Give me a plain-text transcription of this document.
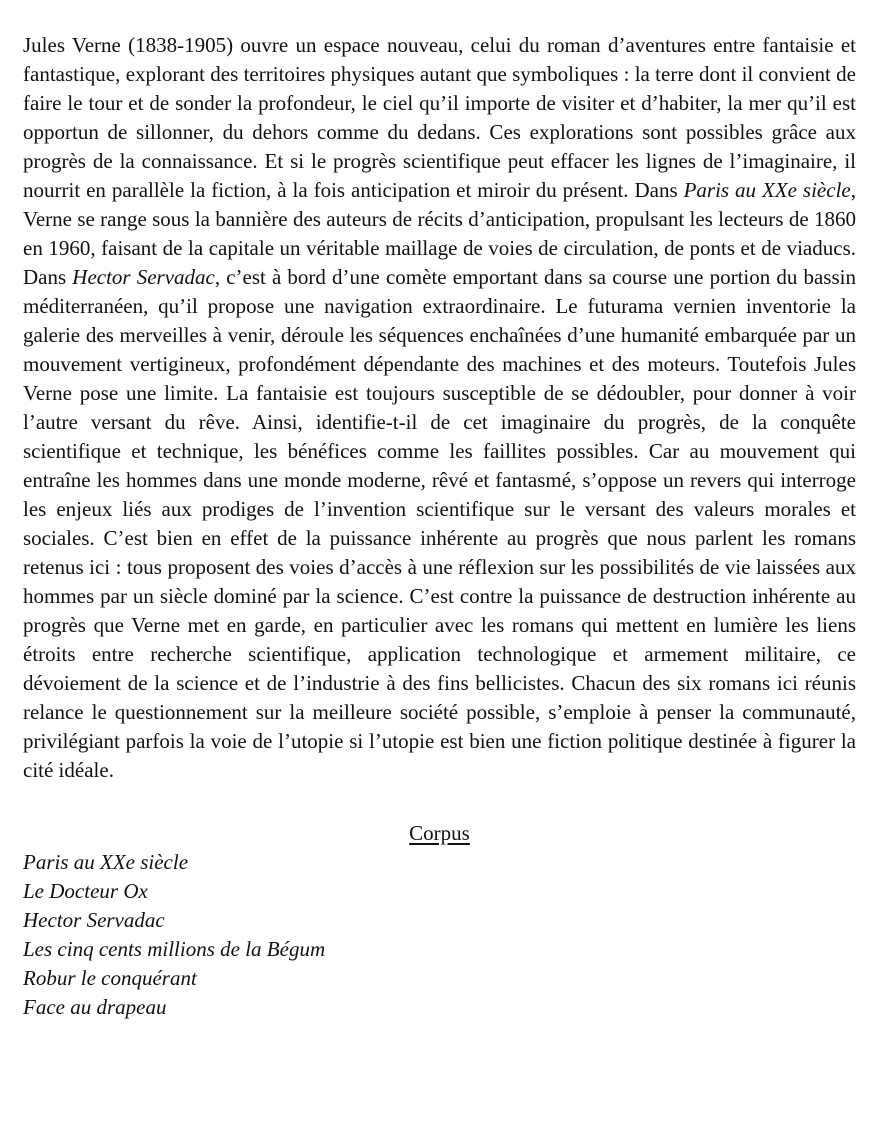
Jules Verne (1838-1905) ouvre un espace nouveau, celui du roman d’aventures entre fantaisie et fantastique, explorant des territoires physiques autant que symboliques : la terre dont il convient de faire le tour et de sonder la profondeur, le ciel qu’il importe de visiter et d’habiter, la mer qu’il est opportun de sillonner, du dehors comme du dedans. Ces explorations sont possibles grâce aux progrès de la connaissance. Et si le progrès scientifique peut effacer les lignes de l’imaginaire, il nourrit en parallèle la fiction, à la fois anticipation et miroir du présent. Dans Paris au XXe siècle, Verne se range sous la bannière des auteurs de récits d’anticipation, propulsant les lecteurs de 1860 en 1960, faisant de la capitale un véritable maillage de voies de circulation, de ponts et de viaducs. Dans Hector Servadac, c’est à bord d’une comète emportant dans sa course une portion du bassin méditerranéen, qu’il propose une navigation extraordinaire. Le futurama vernien inventorie la galerie des merveilles à venir, déroule les séquences enchaînées d’une humanité embarquée par un mouvement vertigineux, profondément dépendante des machines et des moteurs. Toutefois Jules Verne pose une limite. La fantaisie est toujours susceptible de se dédoubler, pour donner à voir l’autre versant du rêve. Ainsi, identifie-t-il de cet imaginaire du progrès, de la conquête scientifique et technique, les bénéfices comme les faillites possibles. Car au mouvement qui entraîne les hommes dans une monde moderne, rêvé et fantasmé, s’oppose un revers qui interroge les enjeux liés aux prodiges de l’invention scientifique sur le versant des valeurs morales et sociales. C’est bien en effet de la puissance inhérente au progrès que nous parlent les romans retenus ici : tous proposent des voies d’accès à une réflexion sur les possibilités de vie laissées aux hommes par un siècle dominé par la science. C’est contre la puissance de destruction inhérente au progrès que Verne met en garde, en particulier avec les romans qui mettent en lumière les liens étroits entre recherche scientifique, application technologique et armement militaire, ce dévoiement de la science et de l’industrie à des fins bellicistes. Chacun des six romans ici réunis relance le questionnement sur la meilleure société possible, s’emploie à penser la communauté, privilégiant parfois la voie de l’utopie si l’utopie est bien une fiction politique destinée à figurer la cité idéale.

Corpus
Paris au XXe siècle
Le Docteur Ox
Hector Servadac
Les cinq cents millions de la Bégum
Robur le conquérant
Face au drapeau
